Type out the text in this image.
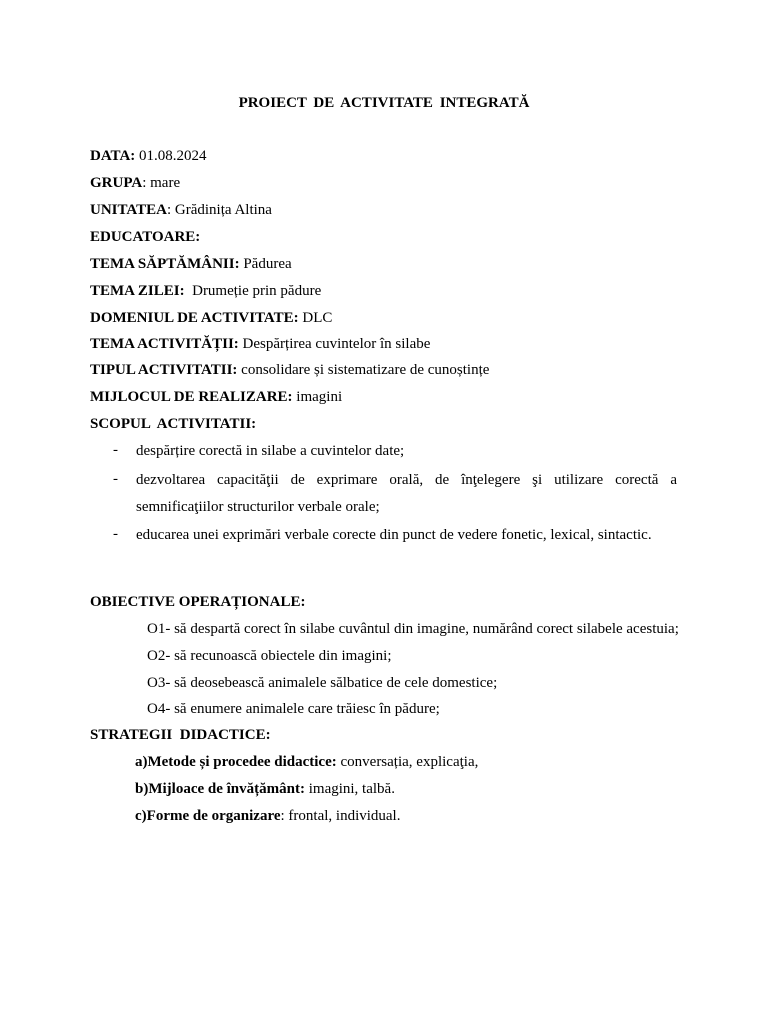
PROIECT DE ACTIVITATE INTEGRATĂ
DATA: 01.08.2024
GRUPA: mare
UNITATEA: Grădinița Altina
EDUCATOARE:
TEMA SĂPTĂMÂNII: Pădurea
TEMA ZILEI:  Drumeție prin pădure
DOMENIUL DE ACTIVITATE: DLC
TEMA ACTIVITĂȚII: Despărțirea cuvintelor în silabe
TIPUL ACTIVITATII: consolidare și sistematizare de cunoștințe
MIJLOCUL DE REALIZARE: imagini
SCOPUL  ACTIVITATII:
- despărțire corectă in silabe a cuvintelor date;
- dezvoltarea capacităţii de exprimare orală, de înţelegere şi utilizare corectă a
semnificaţiilor structurilor verbale orale;
- educarea unei exprimări verbale corecte din punct de vedere fonetic, lexical, sintactic.
OBIECTIVE OPERAȚIONALE:
O1- să despartă corect în silabe cuvântul din imagine, numărând corect silabele acestuia;
O2- să recunoască obiectele din imagini;
O3- să deosebească animalele sălbatice de cele domestice;
O4- să enumere animalele care trăiesc în pădure;
STRATEGII  DIDACTICE:
a)Metode și procedee didactice: conversația, explicaţia,
b)Mijloace de învățământ: imagini, talbă.
c)Forme de organizare: frontal, individual.
